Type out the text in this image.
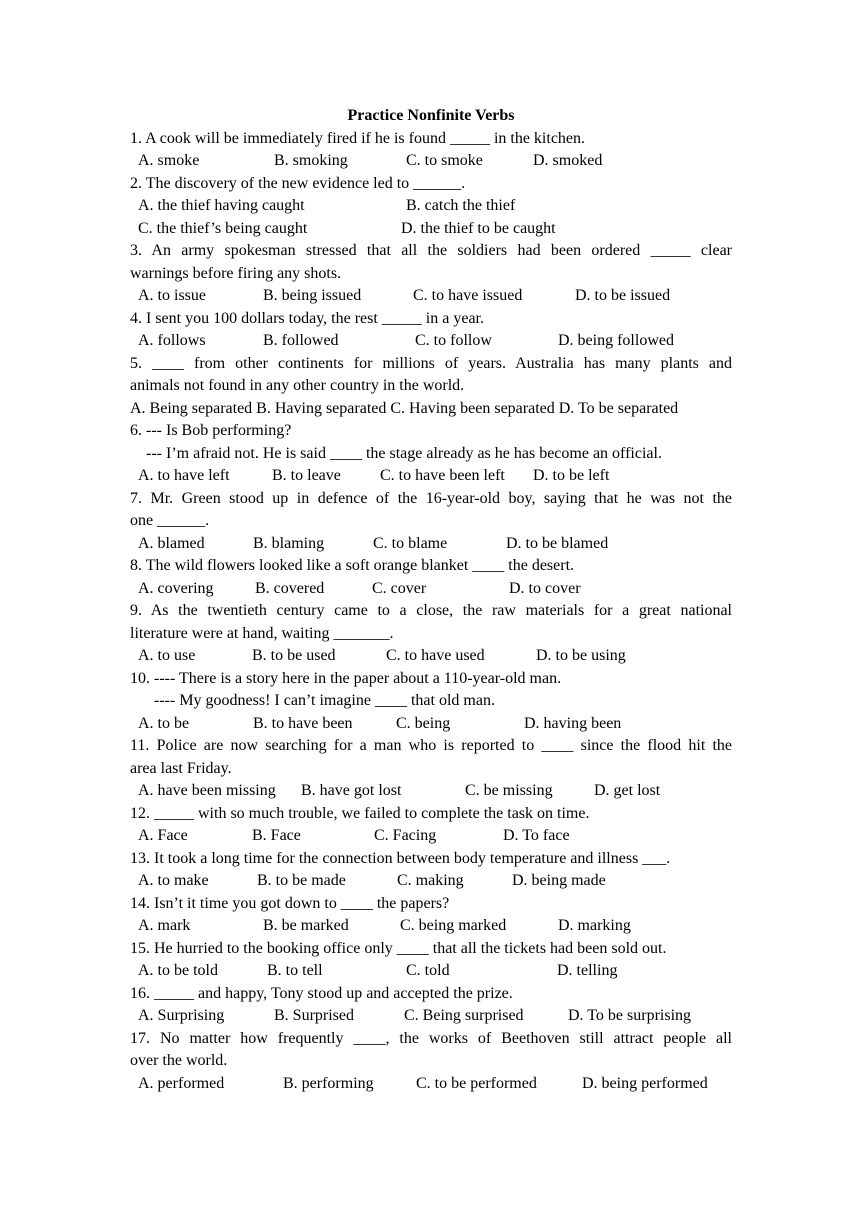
Practice Nonfinite Verbs
1. A cook will be immediately fired if he is found _____ in the kitchen.
A. smoke	B. smoking	C. to smoke	D. smoked
2. The discovery of the new evidence led to ______.
A. the thief having caught	B. catch the thief
C. the thief’s being caught	D. the thief to be caught
3. An army spokesman stressed that all the soldiers had been ordered _____ clear
warnings before firing any shots.
A. to issue	B. being issued	C. to have issued	D. to be issued
4. I sent you 100 dollars today, the rest _____ in a year.
A. follows	B. followed	C. to follow	D. being followed
5. ____ from other continents for millions of years. Australia has many plants and
animals not found in any other country in the world.
A. Being separated B. Having separated C. Having been separated D. To be separated
6. --- Is Bob performing?
--- I’m afraid not. He is said ____ the stage already as he has become an official.
A. to have left	B. to leave C. to have been left D. to be left
7. Mr. Green stood up in defence of the 16-year-old boy, saying that he was not the
one ______.
A. blamed	B. blaming	C. to blame	D. to be blamed
8. The wild flowers looked like a soft orange blanket ____ the desert.
A. covering	B. covered	C. cover	D. to cover
9. As the twentieth century came to a close, the raw materials for a great national
literature were at hand, waiting _______.
A. to use	B. to be used	C. to have used	D. to be using
10. ---- There is a story here in the paper about a 110-year-old man.
---- My goodness! I can’t imagine ____ that old man.
A. to be	B. to have been	C. being	D. having been
11. Police are now searching for a man who is reported to ____ since the flood hit the
area last Friday.
A. have been missing B. have got lost	C. be missing	D. get lost
12. _____ with so much trouble, we failed to complete the task on time.
A. Face	B. Face	C. Facing	D. To face
13. It took a long time for the connection between body temperature and illness ___.
A. to make	B. to be made	C. making	D. being made
14. Isn’t it time you got down to ____ the papers?
A. mark	B. be marked	C. being marked	D. marking
15. He hurried to the booking office only ____ that all the tickets had been sold out.
A. to be told	B. to tell	C. told	D. telling
16. _____ and happy, Tony stood up and accepted the prize.
A. Surprising	B. Surprised	C. Being surprised	D. To be surprising
17. No matter how frequently ____, the works of Beethoven still attract people all
over the world.
A. performed	B. performing	C. to be performed	D. being performed
